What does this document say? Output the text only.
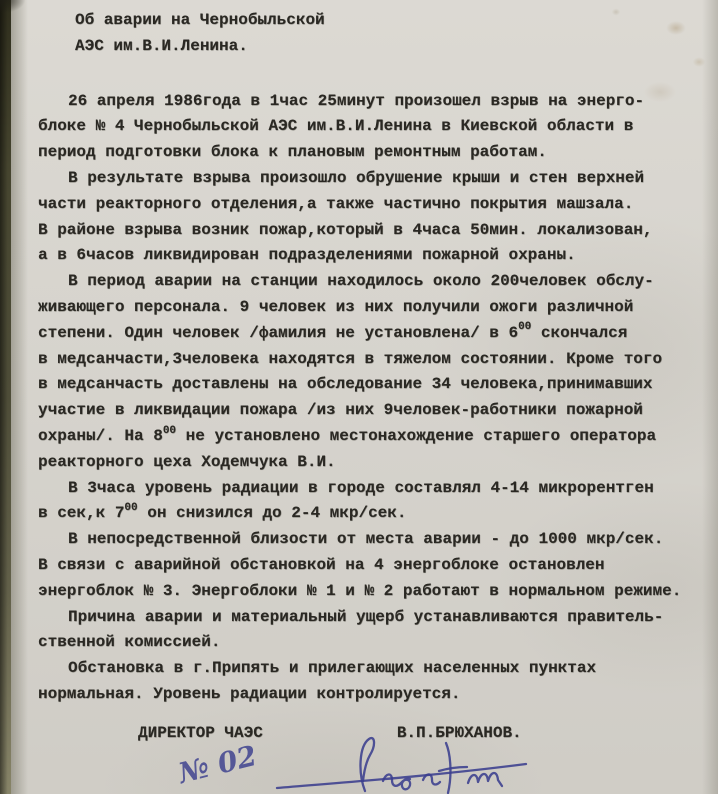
Об аварии на Чернобыльской
АЭС им.В.И.Ленина.
26 апреля 1986года в 1час 25минут произошел взрыв на энерго-
блоке № 4 Чернобыльской АЭС им.В.И.Ленина в Киевской области в
период подготовки блока к плановым ремонтным работам.
В результате взрыва произошло обрушение крыши и стен верхней
части реакторного отделения,а также частично покрытия машзала.
В районе взрыва возник пожар,который в 4часа 50мин. локализован,
а в 6часов ликвидирован подразделениями пожарной охраны.
В период аварии на станции находилось около 200человек обслу-
живающего персонала. 9 человек из них получили ожоги различной
степени. Один человек /фамилия не установлена/ в $6^{00}$ скончался
в медсанчасти,3человека находятся в тяжелом состоянии. Кроме того
в медсанчасть доставлены на обследование 34 человека,принимавших
участие в ликвидации пожара /из них 9человек-работники пожарной
охраны/. На $8^{00}$ не установлено местонахождение старшего оператора
реакторного цеха Ходемчука В.И.
В 3часа уровень радиации в городе составлял 4-14 микрорентген
в сек,к $7^{00}$ он снизился до 2-4 мкр/сек.
В непосредственной близости от места аварии - до 1000 мкр/сек.
В связи с аварийной обстановкой на 4 энергоблоке остановлен
энергоблок № 3. Энергоблоки № 1 и № 2 работают в нормальном режиме.
Причина аварии и материальный ущерб устанавливаются правитель-
ственной комиссией.
Обстановка в г.Припять и прилегающих населенных пунктах
нормальная. Уровень радиации контролируется.
ДИРЕКТОР ЧАЭС	В.П.БРЮХАНОВ.
№ 02
